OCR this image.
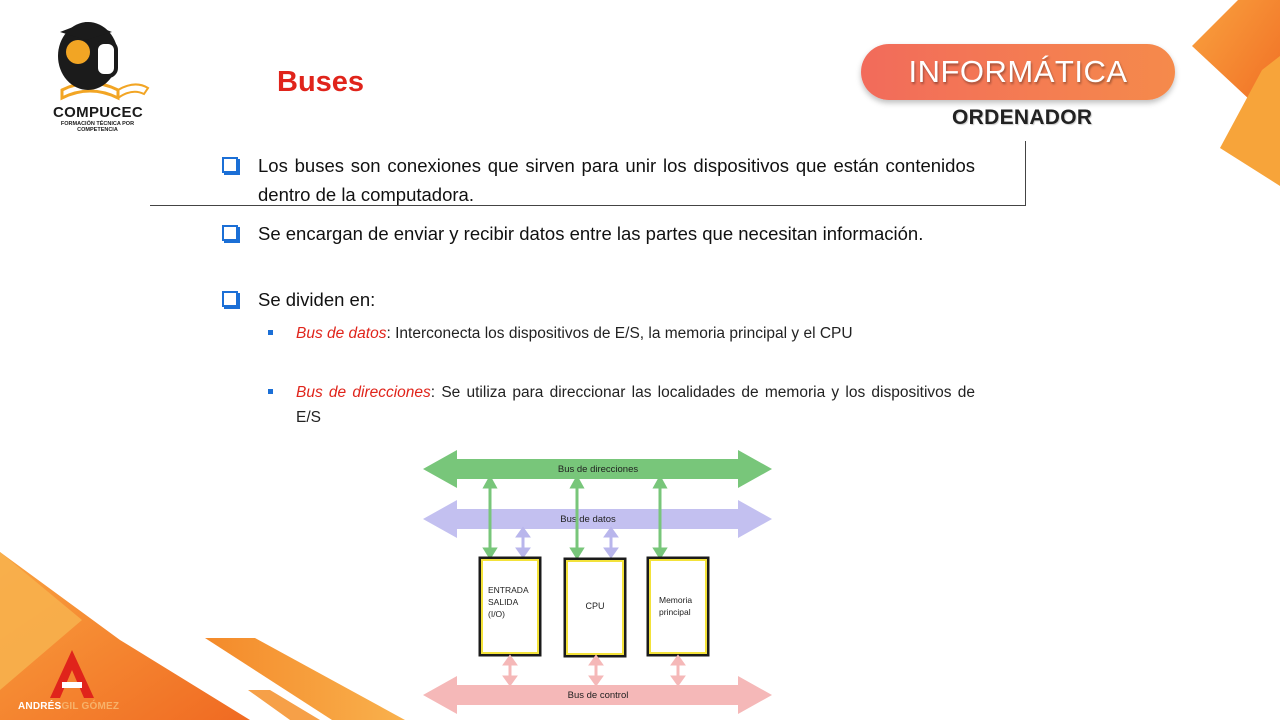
COMPUCEC
FORMACIÓN TÉCNICA POR COMPETENCIA
Buses	INFORMÁTICA
ORDENADOR
Los buses son conexiones que sirven para unir los dispositivos que están contenidos dentro de la computadora.
Se encargan de enviar y recibir datos entre las partes que necesitan información.
Se dividen en:
Bus de datos: Interconecta los dispositivos de E/S, la memoria principal y el CPU
Bus de direcciones: Se utiliza para direccionar las localidades de memoria y los dispositivos de E/S
Bus de direcciones
Bus de datos
ENTRADA SALIDA (I/O)
CPU
Memoria principal
Bus de control
ANDRÉSGIL GÓMEZ
